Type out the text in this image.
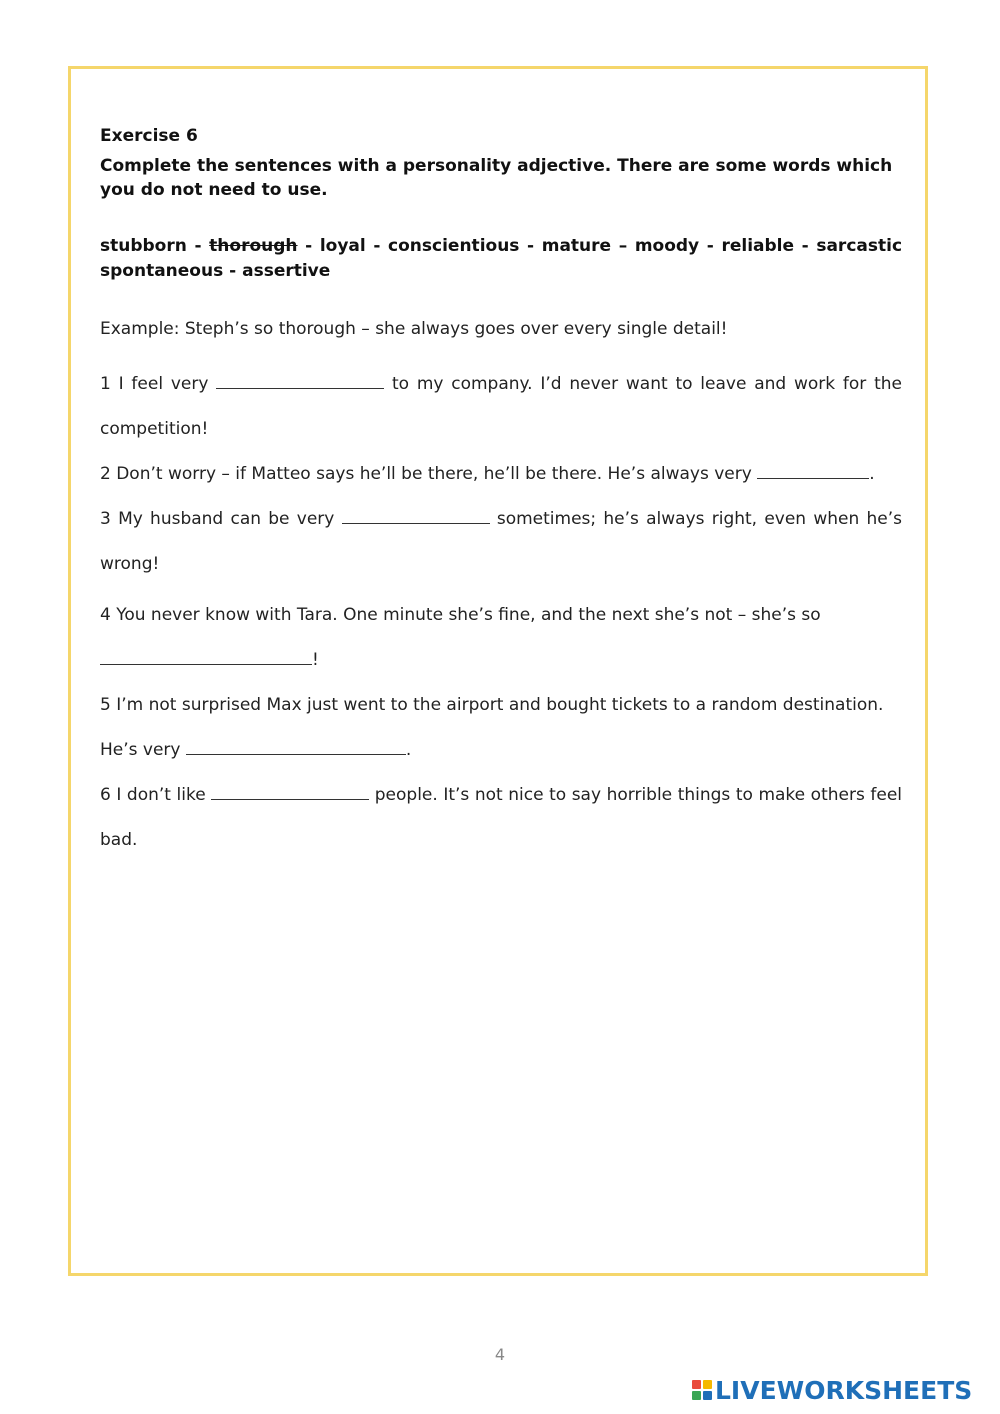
Exercise 6

Complete the sentences with a personality adjective. There are some words which you do not need to use.

stubborn - thorough - loyal - conscientious - mature – moody - reliable - sarcastic spontaneous - assertive

Example: Steph’s so thorough – she always goes over every single detail!

1 I feel very	to my company. I’d never want to leave and work for the competition!

2 Don’t worry – if Matteo says he’ll be there, he’ll be there. He’s always very	.

3 My husband can be very	sometimes; he’s always right, even when he’s wrong!

4 You never know with Tara. One minute she’s fine, and the next she’s not – she’s so !

5 I’m not surprised Max just went to the airport and bought tickets to a random destination. He’s very	.

6 I don’t like	people. It’s not nice to say horrible things to make others feel bad.

4
LIVEWORKSHEETS
